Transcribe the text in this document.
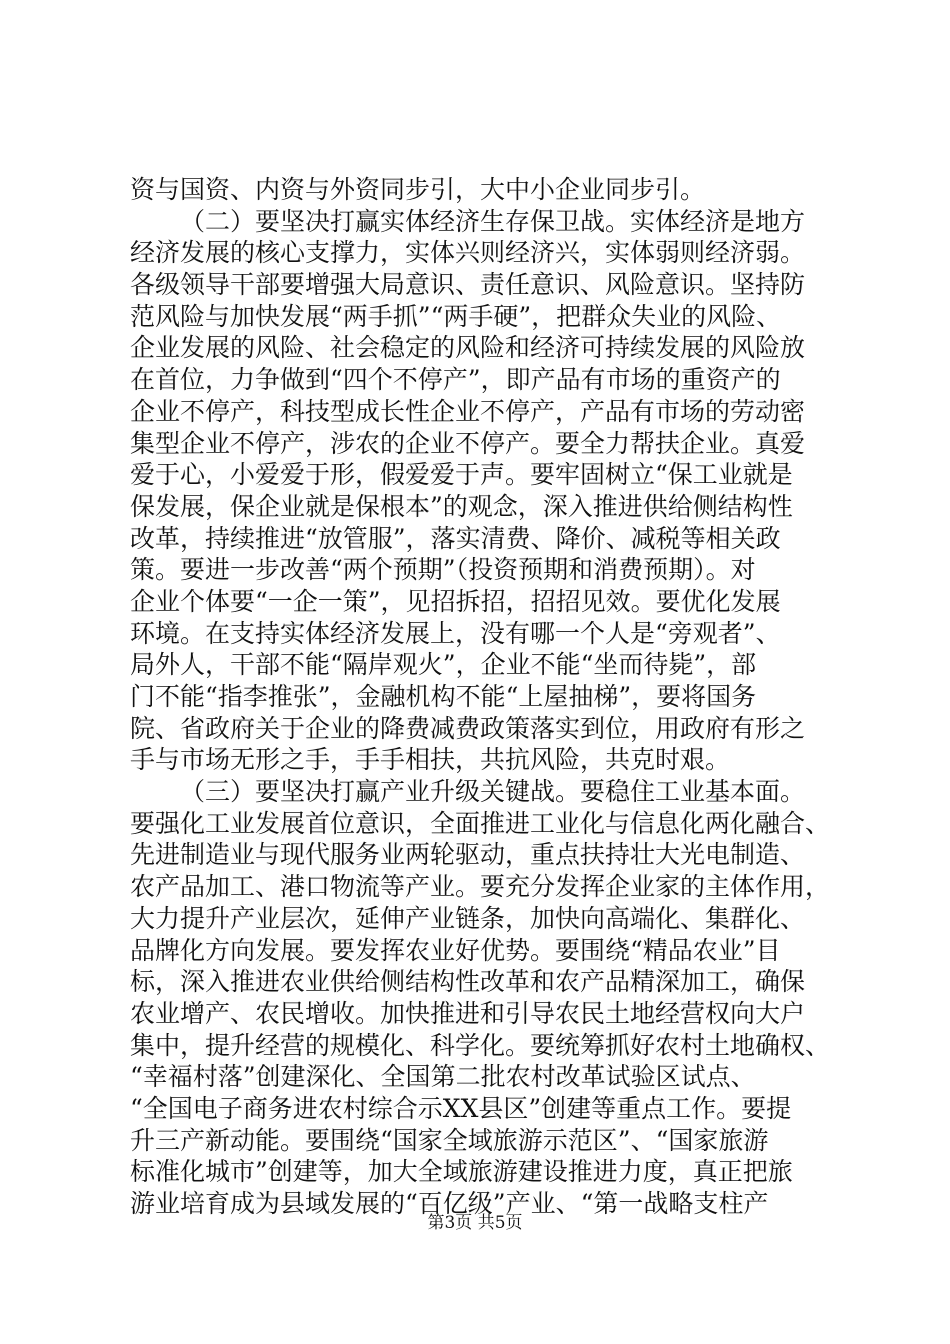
资与国资、内资与外资同步引，大中小企业同步引。
（二）要坚决打赢实体经济生存保卫战。实体经济是地方
经济发展的核心支撑力，实体兴则经济兴，实体弱则经济弱。
各级领导干部要增强大局意识、责任意识、风险意识。坚持防
范风险与加快发展“两手抓”“两手硬”，把群众失业的风险、
企业发展的风险、社会稳定的风险和经济可持续发展的风险放
在首位，力争做到“四个不停产”，即产品有市场的重资产的
企业不停产，科技型成长性企业不停产，产品有市场的劳动密
集型企业不停产，涉农的企业不停产。要全力帮扶企业。真爱
爱于心，小爱爱于形，假爱爱于声。要牢固树立“保工业就是
保发展，保企业就是保根本”的观念，深入推进供给侧结构性
改革，持续推进“放管服”，落实清费、降价、减税等相关政
策。要进一步改善“两个预期”（投资预期和消费预期）。对
企业个体要“一企一策”，见招拆招，招招见效。要优化发展
环境。在支持实体经济发展上，没有哪一个人是“旁观者”、
局外人，干部不能“隔岸观火”，企业不能“坐而待毙”，部
门不能“指李推张”，金融机构不能“上屋抽梯”，要将国务
院、省政府关于企业的降费减费政策落实到位，用政府有形之
手与市场无形之手，手手相扶，共抗风险，共克时艰。
（三）要坚决打赢产业升级关键战。要稳住工业基本面。
要强化工业发展首位意识，全面推进工业化与信息化两化融合、
先进制造业与现代服务业两轮驱动，重点扶持壮大光电制造、
农产品加工、港口物流等产业。要充分发挥企业家的主体作用，
大力提升产业层次，延伸产业链条，加快向高端化、集群化、
品牌化方向发展。要发挥农业好优势。要围绕“精品农业”目
标，深入推进农业供给侧结构性改革和农产品精深加工，确保
农业增产、农民增收。加快推进和引导农民土地经营权向大户
集中，提升经营的规模化、科学化。要统筹抓好农村土地确权、
“幸福村落”创建深化、全国第二批农村改革试验区试点、
“全国电子商务进农村综合示XX县区”创建等重点工作。要提
升三产新动能。要围绕“国家全域旅游示范区”、“国家旅游
标准化城市”创建等，加大全域旅游建设推进力度，真正把旅
游业培育成为县域发展的“百亿级”产业、“第一战略支柱产
第3页 共5页
